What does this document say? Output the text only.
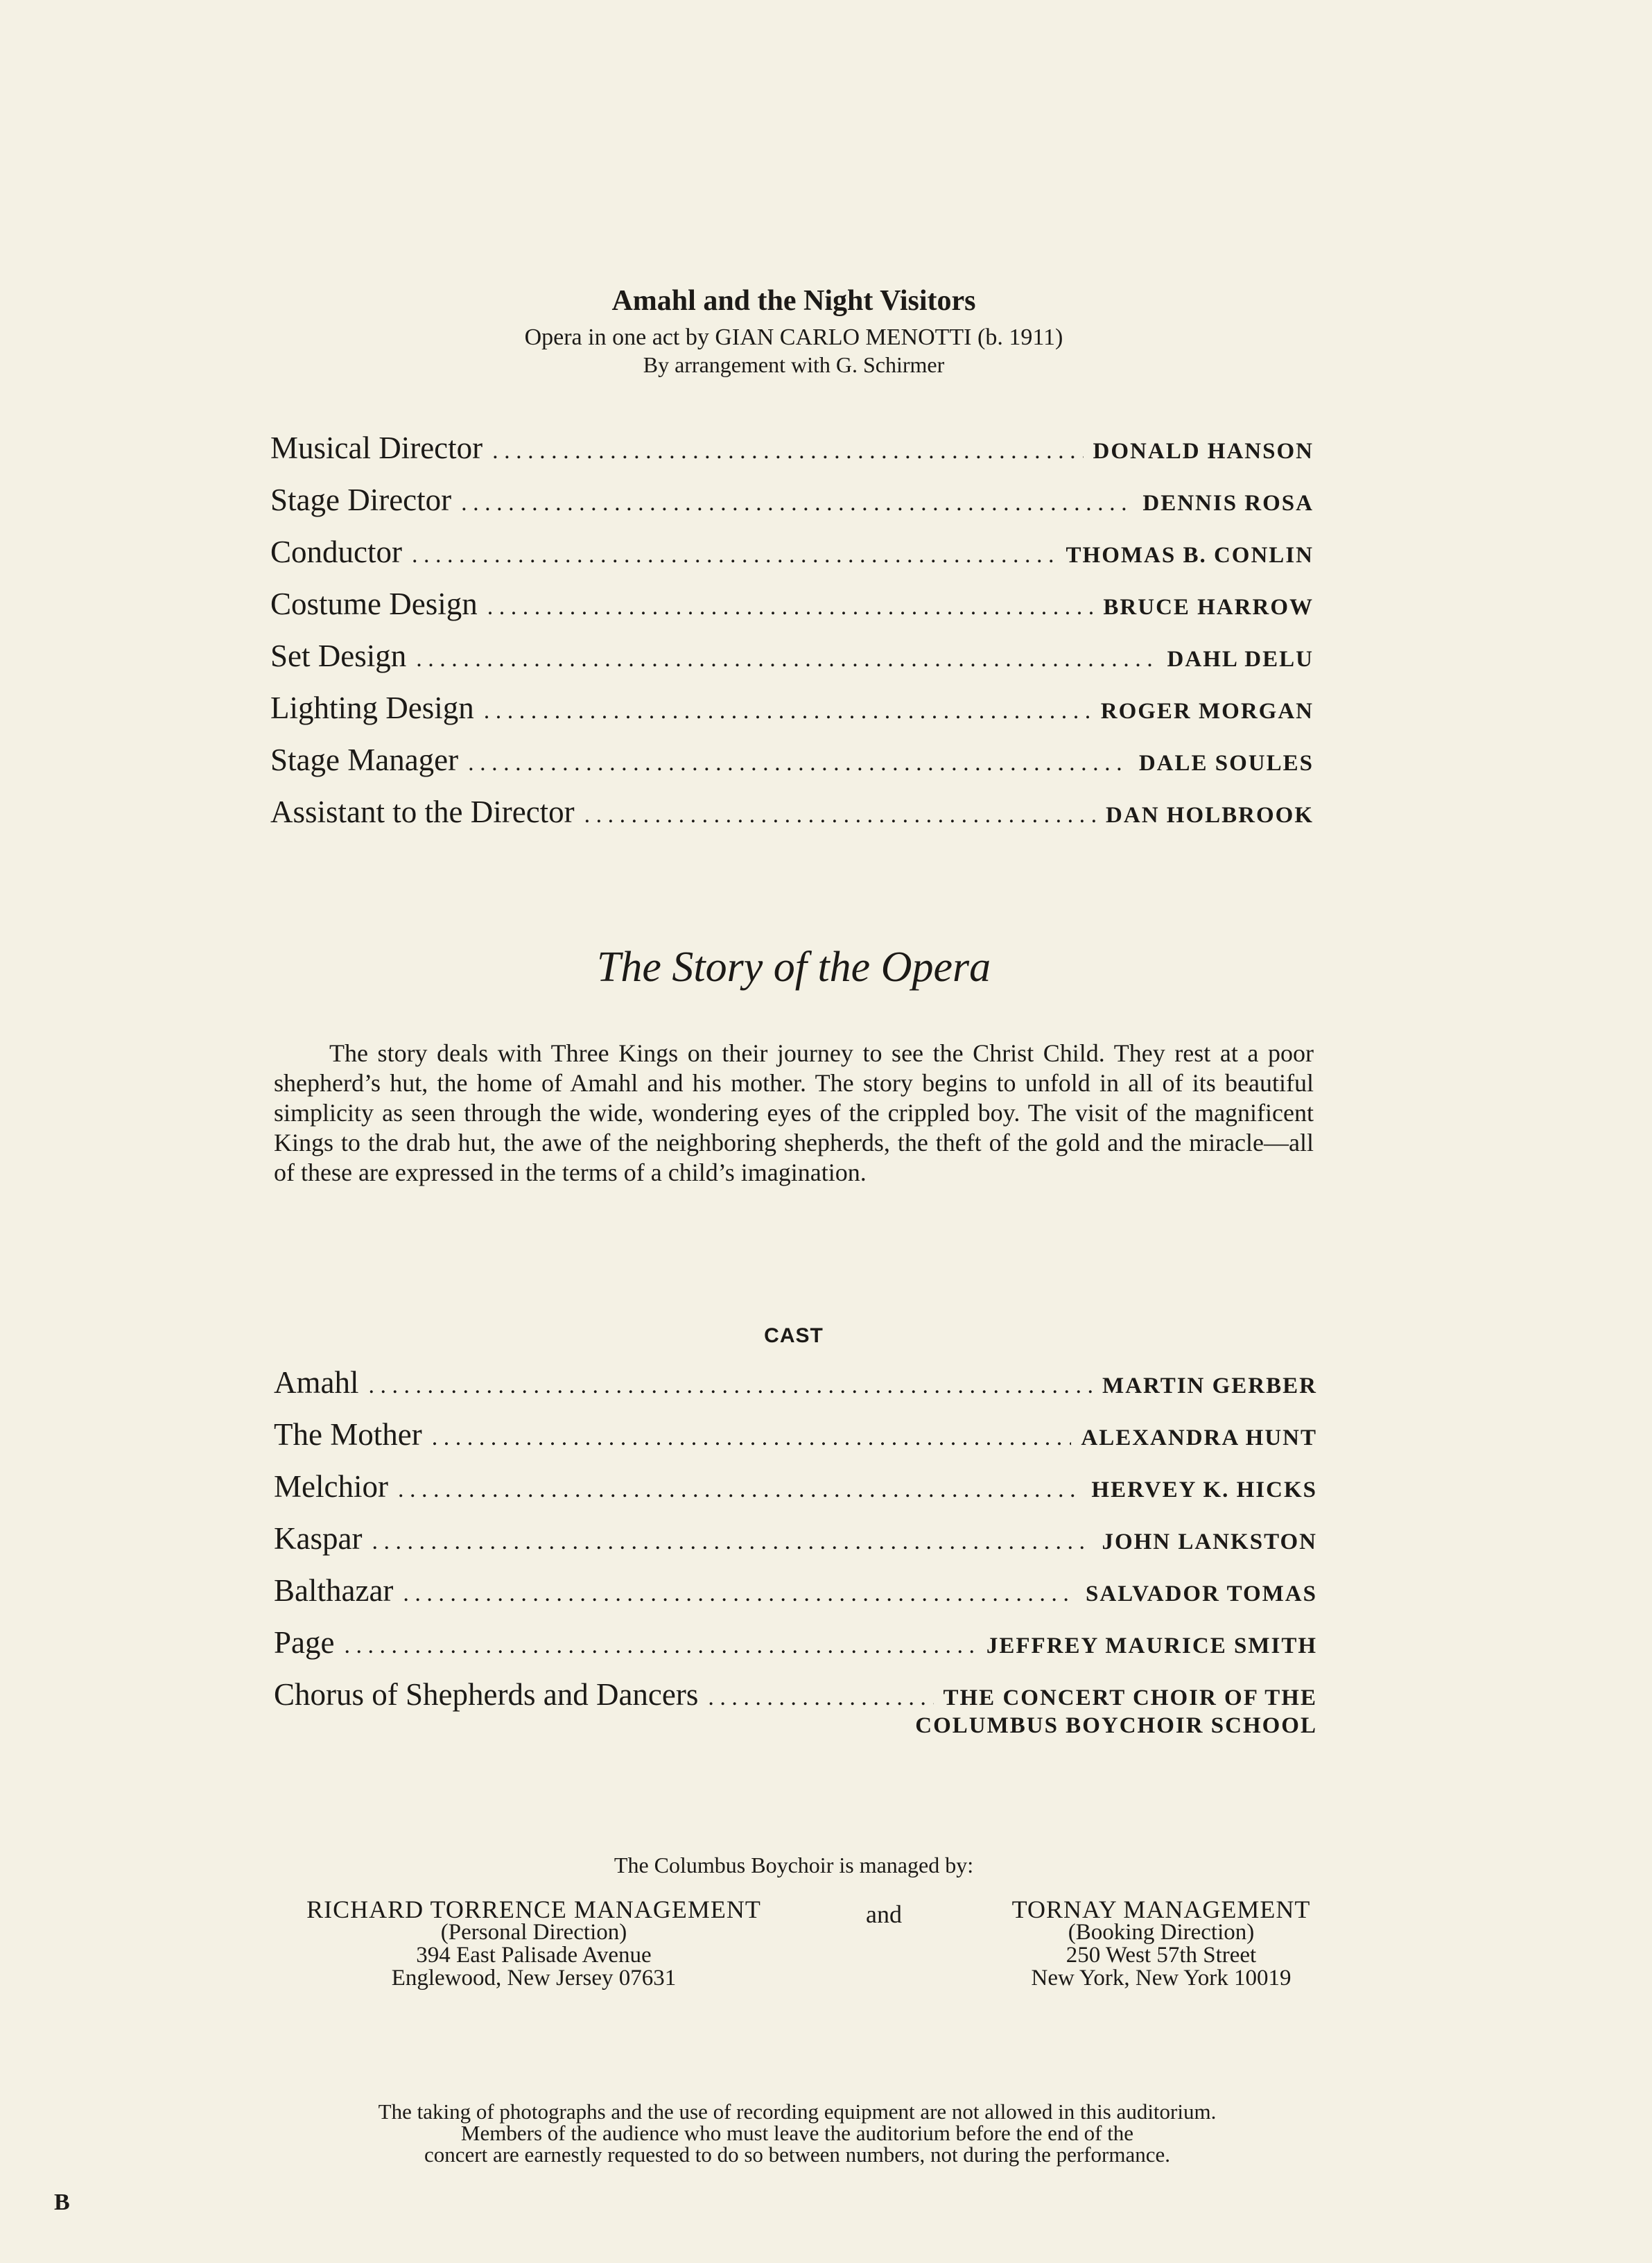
Amahl and the Night Visitors
Opera in one act by GIAN CARLO MENOTTI (b. 1911)
By arrangement with G. Schirmer
Musical Director . . .	DONALD HANSON
Stage Director . . .	DENNIS ROSA
Conductor . . .	THOMAS B. CONLIN
Costume Design . . .	BRUCE HARROW
Set Design . . .	DAHL DELU
Lighting Design . . .	ROGER MORGAN
Stage Manager . . .	DALE SOULES
Assistant to the Director . . .	DAN HOLBROOK
The Story of the Opera

The story deals with Three Kings on their journey to see the Christ Child. They rest at a poor shepherd’s hut, the home of Amahl and his mother. The story begins to unfold in all of its beautiful simplicity as seen through the wide, wondering eyes of the crippled boy. The visit of the magnificent Kings to the drab hut, the awe of the neighboring shepherds, the theft of the gold and the miracle—all of these are expressed in the terms of a child’s imagination.

CAST
Amahl . . .	MARTIN GERBER
The Mother . . .	ALEXANDRA HUNT
Melchior . . .	HERVEY K. HICKS
Kaspar . . .	JOHN LANKSTON
Balthazar . . .	SALVADOR TOMAS
Page . . .	JEFFREY MAURICE SMITH
Chorus of Shepherds and Dancers . . .	THE CONCERT CHOIR OF THE
COLUMBUS BOYCHOIR SCHOOL
The Columbus Boychoir is managed by:
RICHARD TORRENCE MANAGEMENT
(Personal Direction)
394 East Palisade Avenue
Englewood, New Jersey 07631
and	TORNAY MANAGEMENT
(Booking Direction)
250 West 57th Street
New York, New York 10019
The taking of photographs and the use of recording equipment are not allowed in this auditorium.
Members of the audience who must leave the auditorium before the end of the
concert are earnestly requested to do so between numbers, not during the performance.
B
